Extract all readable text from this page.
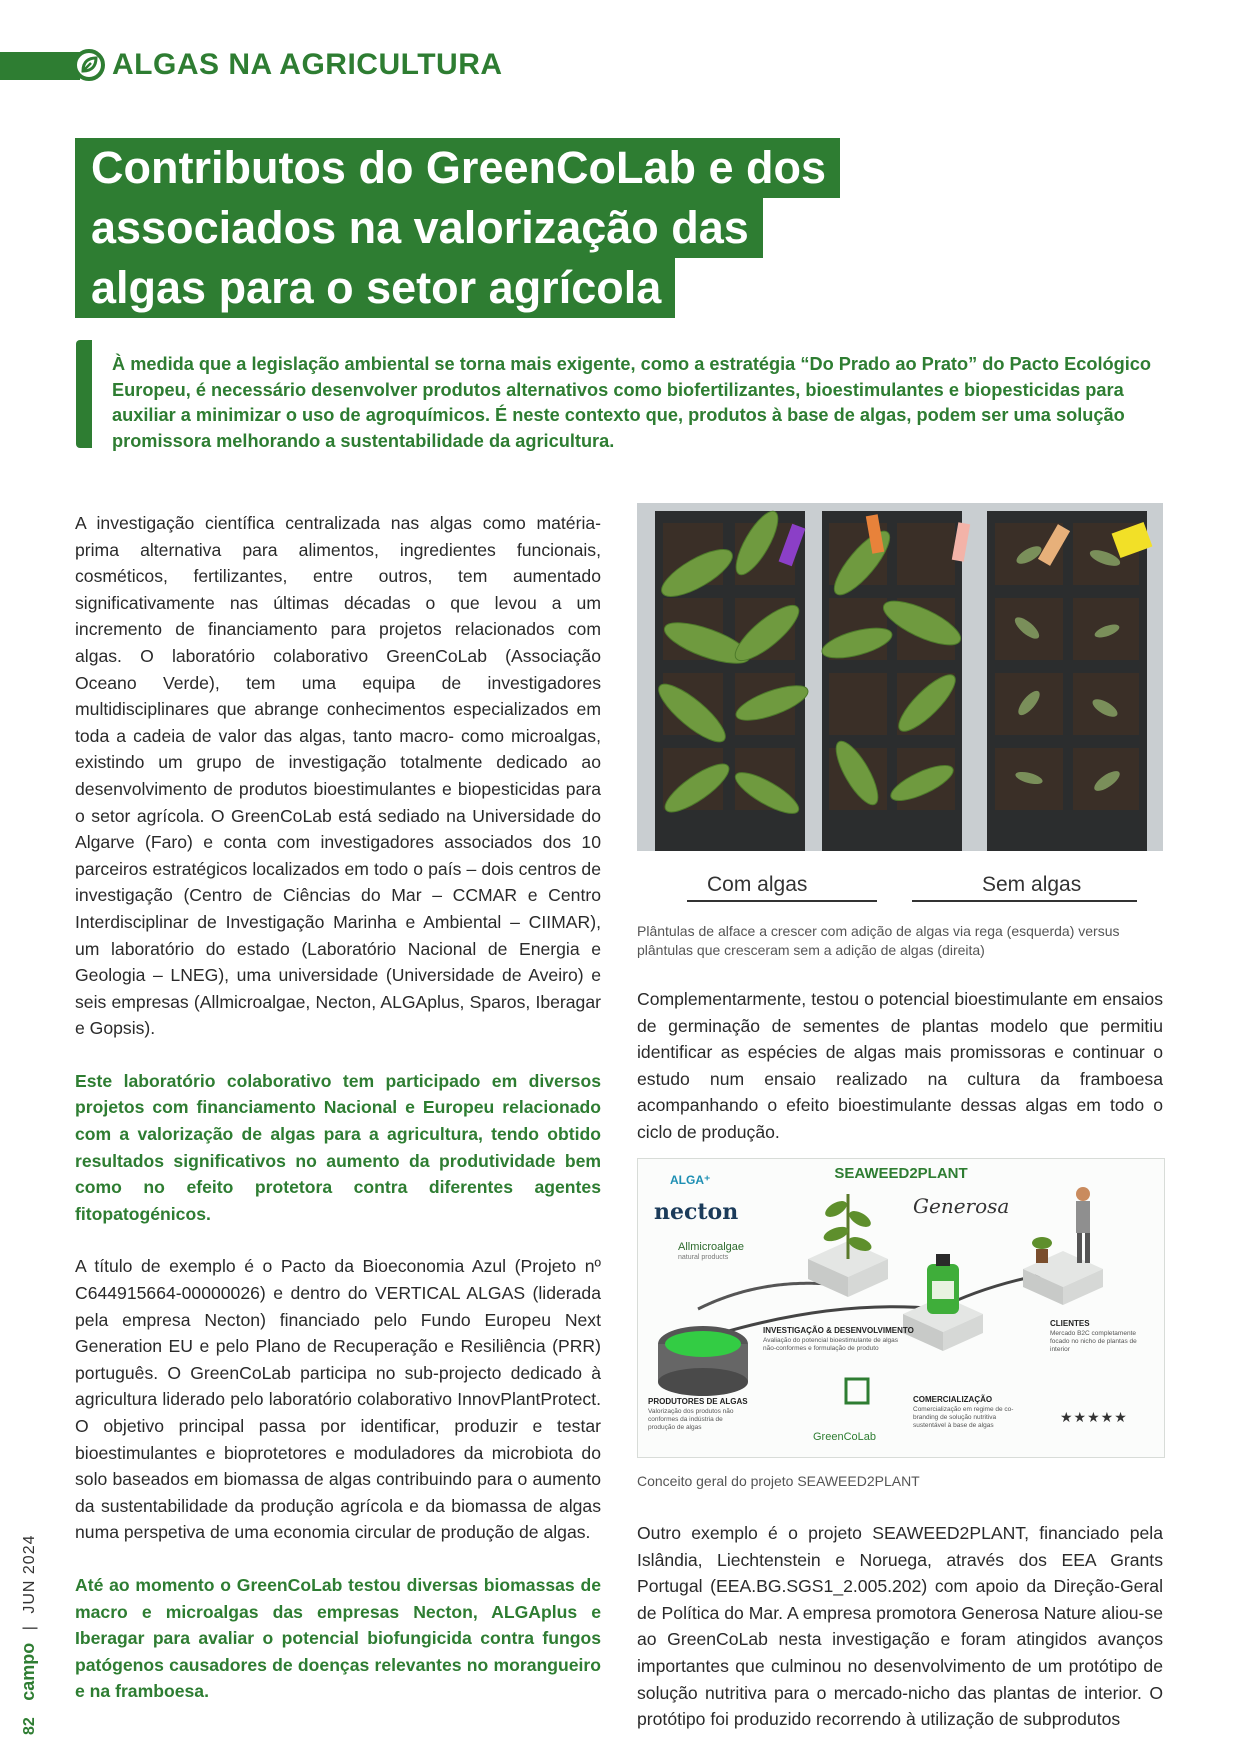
ALGAS NA AGRICULTURA
Contributos do GreenCoLab e dos
associados na valorização das
algas para o setor agrícola
À medida que a legislação ambiental se torna mais exigente, como a estratégia “Do Prado ao Prato” do Pacto Ecológico Europeu, é necessário desenvolver produtos alternativos como biofertilizantes, bioestimulantes e biopesticidas para auxiliar a minimizar o uso de agroquímicos. É neste contexto que, produtos à base de algas, podem ser uma solução promissora melhorando a sustentabilidade da agricultura.

A investigação científica centralizada nas algas como matéria-prima alternativa para alimentos, ingredientes funcionais, cosméticos, fertilizantes, entre outros, tem aumentado significativamente nas últimas décadas o que levou a um incremento de financiamento para projetos relacionados com algas. O laboratório colaborativo GreenCoLab (Associação Oceano Verde), tem uma equipa de investigadores multidisciplinares que abrange conhecimentos especializados em toda a cadeia de valor das algas, tanto macro- como microalgas, existindo um grupo de investigação totalmente dedicado ao desenvolvimento de produtos bioestimulantes e biopesticidas para o setor agrícola. O GreenCoLab está sediado na Universidade do Algarve (Faro) e conta com investigadores associados dos 10 parceiros estratégicos localizados em todo o país – dois centros de investigação (Centro de Ciências do Mar – CCMAR e Centro Interdisciplinar de Investigação Marinha e Ambiental – CIIMAR), um laboratório do estado (Laboratório Nacional de Energia e Geologia – LNEG), uma universidade (Universidade de Aveiro) e seis empresas (Allmicroalgae, Necton, ALGAplus, Sparos, Iberagar e Gopsis).

Este laboratório colaborativo tem participado em diversos projetos com financiamento Nacional e Europeu relacionado com a valorização de algas para a agricultura, tendo obtido resultados significativos no aumento da produtividade bem como no efeito protetora contra diferentes agentes fitopatogénicos.

A título de exemplo é o Pacto da Bioeconomia Azul (Projeto nº C644915664-00000026) e dentro do VERTICAL ALGAS (liderada pela empresa Necton) financiado pelo Fundo Europeu Next Generation EU e pelo Plano de Recuperação e Resiliência (PRR) português. O GreenCoLab participa no sub-projecto dedicado à agricultura liderado pelo laboratório colaborativo InnovPlantProtect. O objetivo principal passa por identificar, produzir e testar bioestimulantes e bioprotetores e moduladores da microbiota do solo baseados em biomassa de algas contribuindo para o aumento da sustentabilidade da produção agrícola e da biomassa de algas numa perspetiva de uma economia circular de produção de algas.

Até ao momento o GreenCoLab testou diversas biomassas de macro e microalgas das empresas Necton, ALGAplus e Iberagar para avaliar o potencial biofungicida contra fungos patógenos causadores de doenças relevantes no morangueiro e na framboesa.

Com algas	Sem algas
Plântulas de alface a crescer com adição de algas via rega (esquerda) versus plântulas que cresceram sem a adição de algas (direita)

Complementarmente, testou o potencial bioestimulante em ensaios de germinação de sementes de plantas modelo que permitiu identificar as espécies de algas mais promissoras e continuar o estudo num ensaio realizado na cultura da framboesa acompanhando o efeito bioestimulante dessas algas em todo o ciclo de produção.

SEAWEED2PLANT
ALGA⁺
necton
Allmicroalgae
natural products
Generosa
GreenCoLab
PRODUTORES DE ALGAS
Valorização dos produtos não conformes da indústria de produção de algas
INVESTIGAÇÃO & DESENVOLVIMENTO
Avaliação do potencial bioestimulante de algas não-conformes e formulação de produto
COMERCIALIZAÇÃO
Comercialização em regime de co-branding de solução nutritiva sustentável à base de algas
CLIENTES
Mercado B2C completamente focado no nicho de plantas de interior
★★★★★
Conceito geral do projeto SEAWEED2PLANT

Outro exemplo é o projeto SEAWEED2PLANT, financiado pela Islândia, Liechtenstein e Noruega, através dos EEA Grants Portugal (EEA.BG.SGS1_2.005.202) com apoio da Direção-Geral de Política do Mar. A empresa promotora Generosa Nature aliou-se ao GreenCoLab nesta investigação e foram atingidos avanços importantes que culminou no desenvolvimento de um protótipo de solução nutritiva para o mercado-nicho das plantas de interior. O protótipo foi produzido recorrendo à utilização de subprodutos

82 campo | JUN 2024
